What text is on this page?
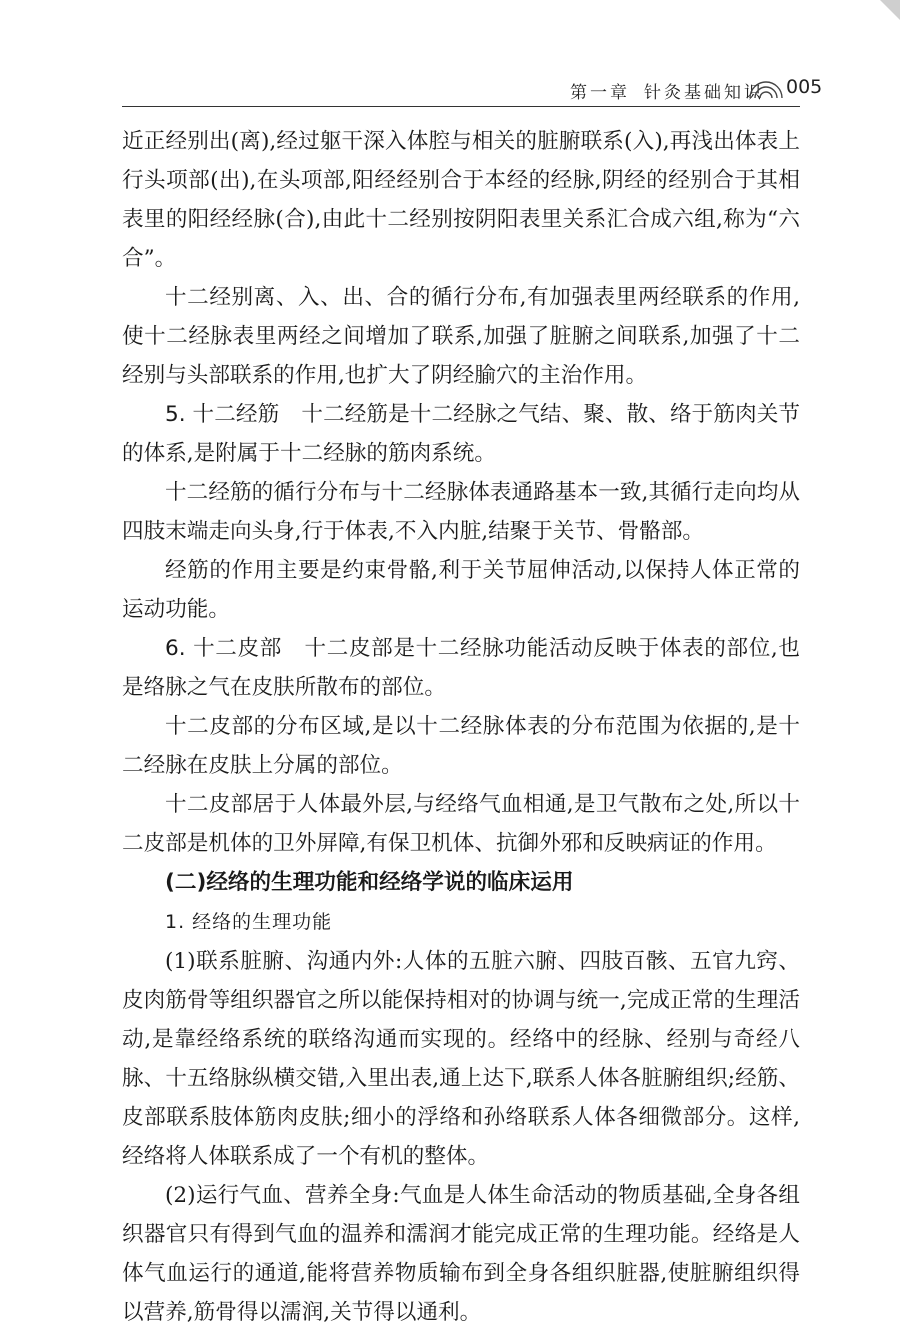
第一章 针灸基础知识 005

近正经别出(离),经过躯干深入体腔与相关的脏腑联系(入),再浅出体表上行头项部(出),在头项部,阳经经别合于本经的经脉,阴经的经别合于其相表里的阳经经脉(合),由此十二经别按阴阳表里关系汇合成六组,称为“六合”。

十二经别离、入、出、合的循行分布,有加强表里两经联系的作用,使十二经脉表里两经之间增加了联系,加强了脏腑之间联系,加强了十二经别与头部联系的作用,也扩大了阴经腧穴的主治作用。

5. 十二经筋 十二经筋是十二经脉之气结、聚、散、络于筋肉关节的体系,是附属于十二经脉的筋肉系统。

十二经筋的循行分布与十二经脉体表通路基本一致,其循行走向均从四肢末端走向头身,行于体表,不入内脏,结聚于关节、骨骼部。

经筋的作用主要是约束骨骼,利于关节屈伸活动,以保持人体正常的运动功能。

6. 十二皮部 十二皮部是十二经脉功能活动反映于体表的部位,也是络脉之气在皮肤所散布的部位。

十二皮部的分布区域,是以十二经脉体表的分布范围为依据的,是十二经脉在皮肤上分属的部位。

十二皮部居于人体最外层,与经络气血相通,是卫气散布之处,所以十二皮部是机体的卫外屏障,有保卫机体、抗御外邪和反映病证的作用。

(二)经络的生理功能和经络学说的临床运用

1. 经络的生理功能

(1)联系脏腑、沟通内外:人体的五脏六腑、四肢百骸、五官九窍、皮肉筋骨等组织器官之所以能保持相对的协调与统一,完成正常的生理活动,是靠经络系统的联络沟通而实现的。经络中的经脉、经别与奇经八脉、十五络脉纵横交错,入里出表,通上达下,联系人体各脏腑组织;经筋、皮部联系肢体筋肉皮肤;细小的浮络和孙络联系人体各细微部分。这样,经络将人体联系成了一个有机的整体。

(2)运行气血、营养全身:气血是人体生命活动的物质基础,全身各组织器官只有得到气血的温养和濡润才能完成正常的生理功能。经络是人体气血运行的通道,能将营养物质输布到全身各组织脏器,使脏腑组织得以营养,筋骨得以濡润,关节得以通利。
